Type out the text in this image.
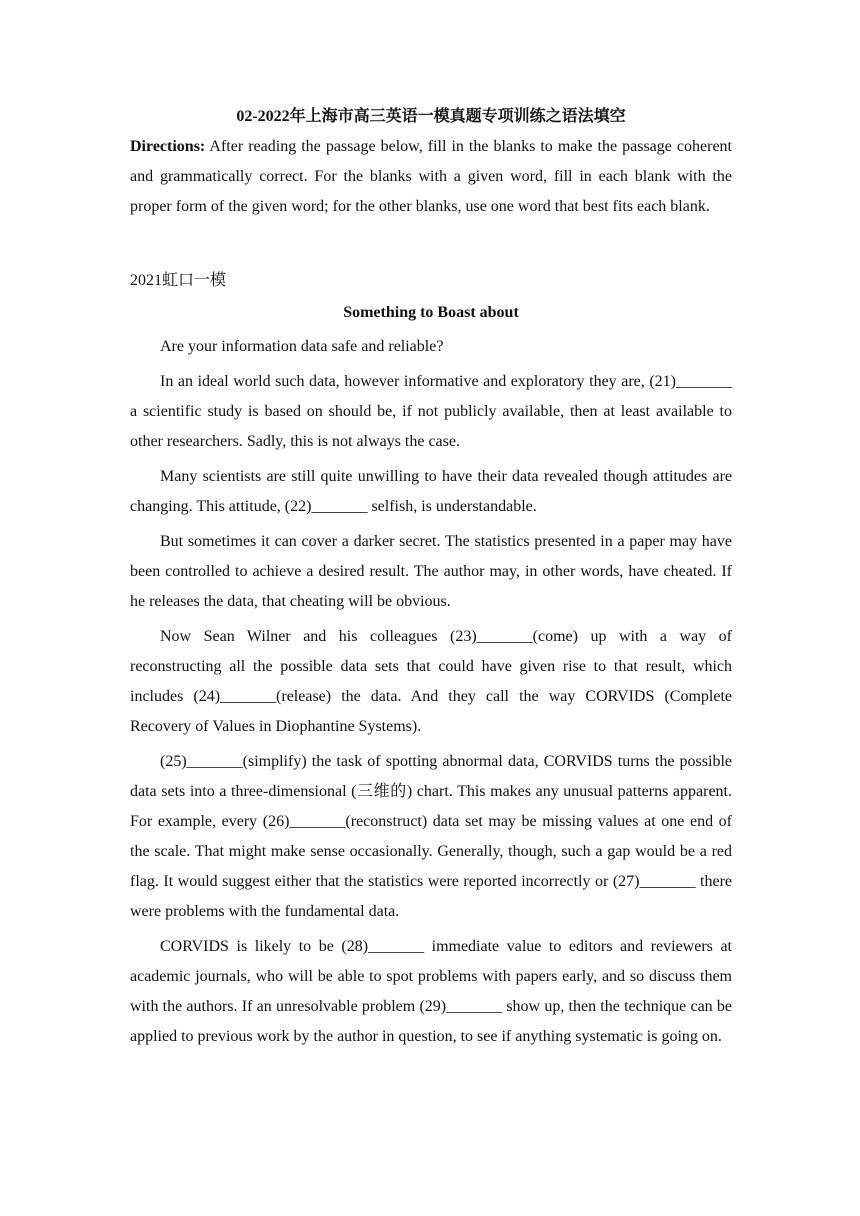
02-2022年上海市高三英语一模真题专项训练之语法填空

Directions: After reading the passage below, fill in the blanks to make the passage coherent and grammatically correct. For the blanks with a given word, fill in each blank with the proper form of the given word; for the other blanks, use one word that best fits each blank.

2021虹口一模
Something to Boast about

Are your information data safe and reliable?

In an ideal world such data, however informative and exploratory they are, (21)_______ a scientific study is based on should be, if not publicly available, then at least available to other researchers. Sadly, this is not always the case.

Many scientists are still quite unwilling to have their data revealed though attitudes are changing. This attitude, (22)_______ selfish, is understandable.

But sometimes it can cover a darker secret. The statistics presented in a paper may have been controlled to achieve a desired result. The author may, in other words, have cheated. If he releases the data, that cheating will be obvious.

Now Sean Wilner and his colleagues (23)_______(come) up with a way of reconstructing all the possible data sets that could have given rise to that result, which includes (24)_______(release) the data. And they call the way CORVIDS (Complete Recovery of Values in Diophantine Systems).

(25)_______(simplify) the task of spotting abnormal data, CORVIDS turns the possible data sets into a three-dimensional (三维的) chart. This makes any unusual patterns apparent. For example, every (26)_______(reconstruct) data set may be missing values at one end of the scale. That might make sense occasionally. Generally, though, such a gap would be a red flag. It would suggest either that the statistics were reported incorrectly or (27)_______ there were problems with the fundamental data.

CORVIDS is likely to be (28)_______ immediate value to editors and reviewers at academic journals, who will be able to spot problems with papers early, and so discuss them with the authors. If an unresolvable problem (29)_______ show up, then the technique can be applied to previous work by the author in question, to see if anything systematic is going on.
